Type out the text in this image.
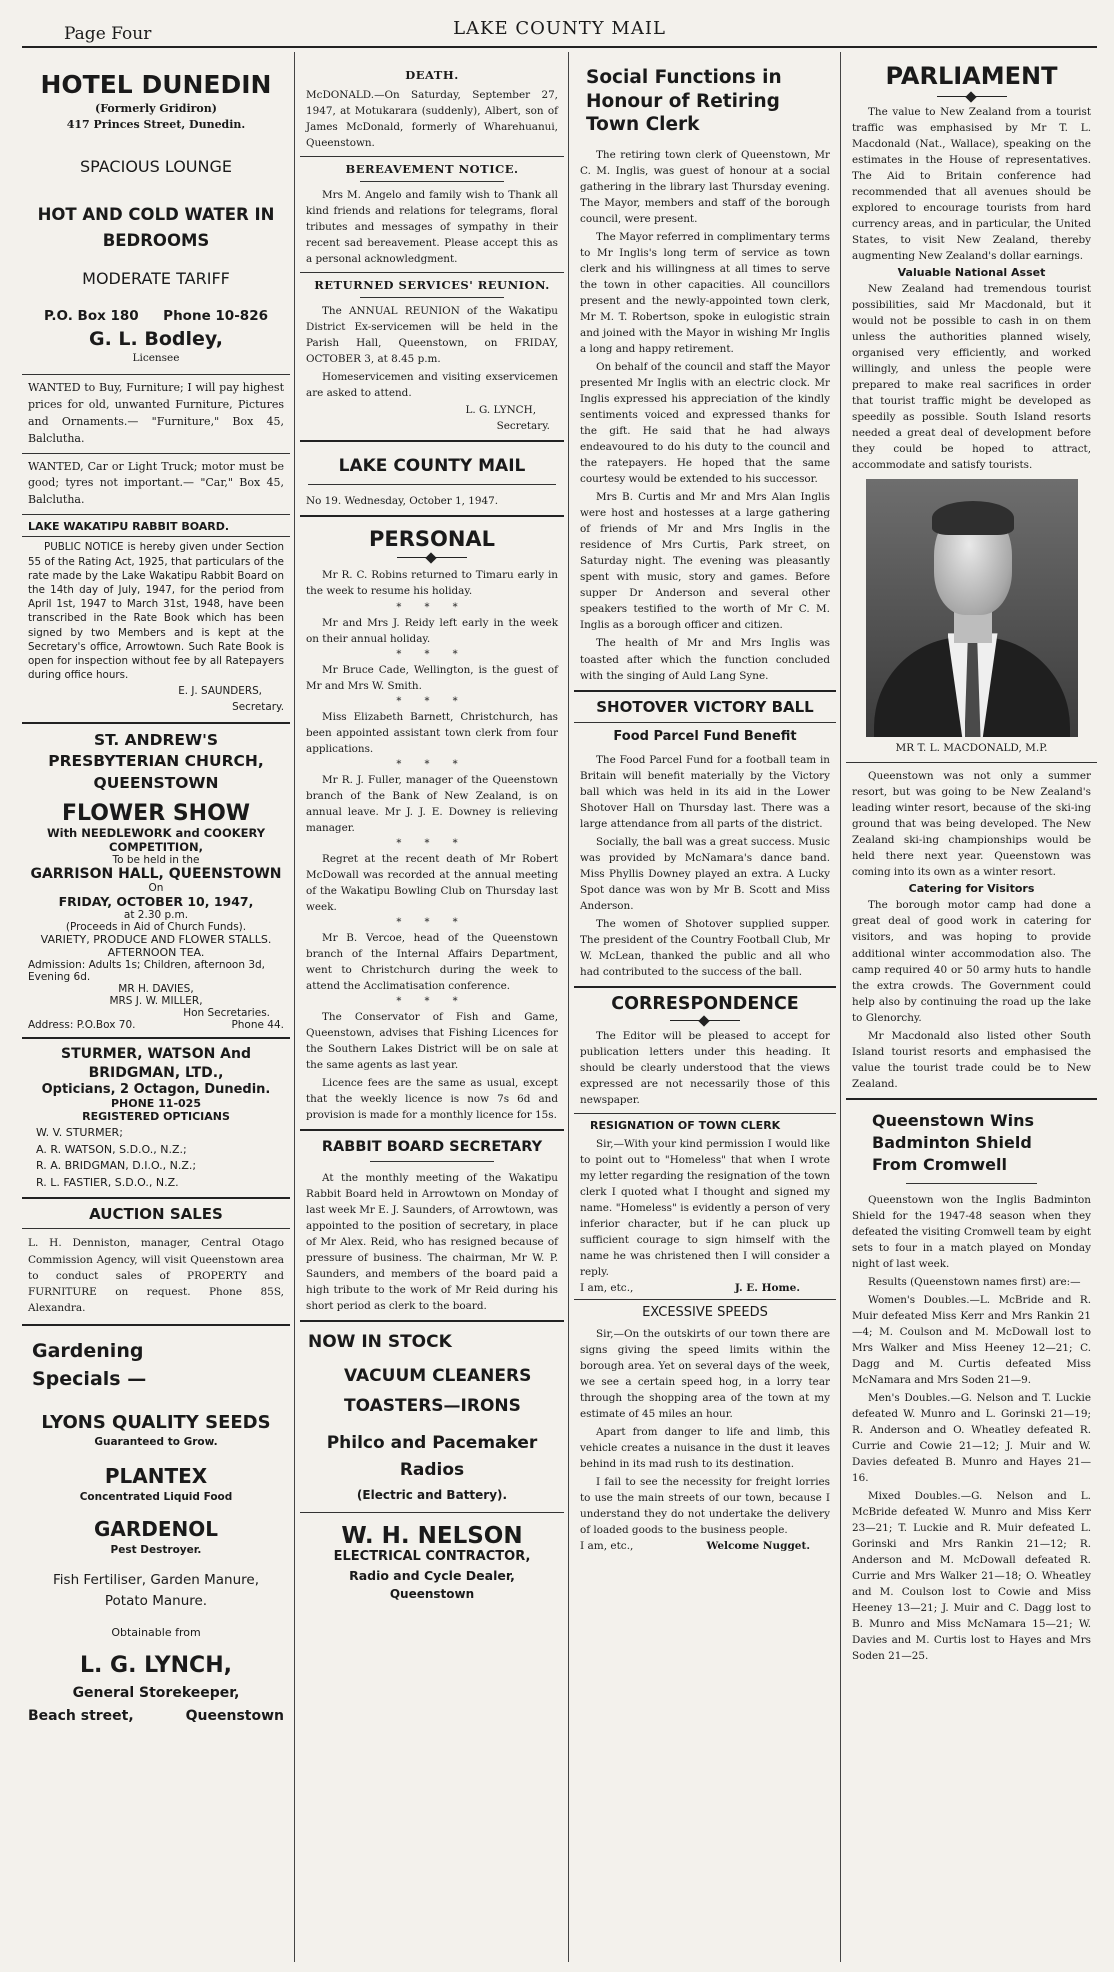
Page Four	LAKE COUNTY MAIL
HOTEL DUNEDIN
(Formerly Gridiron)
417 Princes Street, Dunedin.
SPACIOUS LOUNGE
HOT AND COLD WATER IN BEDROOMS
MODERATE TARIFF
P.O. Box 180 Phone 10-826
G. L. Bodley,
Licensee

WANTED to Buy, Furniture; I will pay highest prices for old, unwanted Furniture, Pictures and Ornaments.— "Furniture," Box 45, Balclutha.

WANTED, Car or Light Truck; motor must be good; tyres not important.— "Car," Box 45, Balclutha.

LAKE WAKATIPU RABBIT BOARD.

PUBLIC NOTICE is hereby given under Section 55 of the Rating Act, 1925, that particulars of the rate made by the Lake Wakatipu Rabbit Board on the 14th day of July, 1947, for the period from April 1st, 1947 to March 31st, 1948, have been transcribed in the Rate Book which has been signed by two Members and is kept at the Secretary's office, Arrowtown. Such Rate Book is open for inspection without fee by all Ratepayers during office hours.

E. J. SAUNDERS,
Secretary.
ST. ANDREW'S PRESBYTERIAN CHURCH, QUEENSTOWN
FLOWER SHOW
With NEEDLEWORK and COOKERY COMPETITION,
To be held in the
GARRISON HALL, QUEENSTOWN
On
FRIDAY, OCTOBER 10, 1947,
at 2.30 p.m.
(Proceeds in Aid of Church Funds).
VARIETY, PRODUCE AND FLOWER STALLS.
AFTERNOON TEA.
Admission: Adults 1s; Children, afternoon 3d, Evening 6d.
MR H. DAVIES,
MRS J. W. MILLER,
Hon Secretaries.
Address: P.O.Box 70.	Phone 44.
STURMER, WATSON And BRIDGMAN, LTD.,
Opticians, 2 Octagon, Dunedin.
PHONE 11-025
REGISTERED OPTICIANS
W. V. STURMER;
A. R. WATSON, S.D.O., N.Z.;
R. A. BRIDGMAN, D.I.O., N.Z.;
R. L. FASTIER, S.D.O., N.Z.
AUCTION SALES

L. H. Denniston, manager, Central Otago Commission Agency, will visit Queenstown area to conduct sales of PROPERTY and FURNITURE on request. Phone 85S, Alexandra.

Gardening
Specials —
LYONS QUALITY SEEDS
Guaranteed to Grow.
PLANTEX
Concentrated Liquid Food
GARDENOL
Pest Destroyer.
Fish Fertiliser, Garden Manure, Potato Manure.
Obtainable from
L. G. LYNCH,
General Storekeeper,
Beach street,	Queenstown
DEATH.

McDONALD.—On Saturday, September 27, 1947, at Motukarara (suddenly), Albert, son of James McDonald, formerly of Wharehuanui, Queenstown.

BEREAVEMENT NOTICE.

Mrs M. Angelo and family wish to Thank all kind friends and relations for telegrams, floral tributes and messages of sympathy in their recent sad bereavement. Please accept this as a personal acknowledgment.

RETURNED SERVICES' REUNION.

The ANNUAL REUNION of the Wakatipu District Ex-servicemen will be held in the Parish Hall, Queenstown, on FRIDAY, OCTOBER 3, at 8.45 p.m.

Homeservicemen and visiting exservicemen are asked to attend.

L. G. LYNCH,
Secretary.
LAKE COUNTY MAIL

No 19. Wednesday, October 1, 1947.

PERSONAL

Mr R. C. Robins returned to Timaru early in the week to resume his holiday.

* * *

Mr and Mrs J. Reidy left early in the week on their annual holiday.

* * *

Mr Bruce Cade, Wellington, is the guest of Mr and Mrs W. Smith.

* * *

Miss Elizabeth Barnett, Christchurch, has been appointed assistant town clerk from four applications.

* * *

Mr R. J. Fuller, manager of the Queenstown branch of the Bank of New Zealand, is on annual leave. Mr J. J. E. Downey is relieving manager.

* * *

Regret at the recent death of Mr Robert McDowall was recorded at the annual meeting of the Wakatipu Bowling Club on Thursday last week.

* * *

Mr B. Vercoe, head of the Queenstown branch of the Internal Affairs Department, went to Christchurch during the week to attend the Acclimatisation conference.

* * *

The Conservator of Fish and Game, Queenstown, advises that Fishing Licences for the Southern Lakes District will be on sale at the same agents as last year.

Licence fees are the same as usual, except that the weekly licence is now 7s 6d and provision is made for a monthly licence for 15s.

RABBIT BOARD SECRETARY

At the monthly meeting of the Wakatipu Rabbit Board held in Arrowtown on Monday of last week Mr E. J. Saunders, of Arrowtown, was appointed to the position of secretary, in place of Mr Alex. Reid, who has resigned because of pressure of business. The chairman, Mr W. P. Saunders, and members of the board paid a high tribute to the work of Mr Reid during his short period as clerk to the board.

NOW IN STOCK
VACUUM CLEANERS
TOASTERS—IRONS
Philco and Pacemaker Radios
(Electric and Battery).
W. H. NELSON
ELECTRICAL CONTRACTOR,
Radio and Cycle Dealer,
Queenstown
Social Functions in Honour of Retiring Town Clerk

The retiring town clerk of Queenstown, Mr C. M. Inglis, was guest of honour at a social gathering in the library last Thursday evening. The Mayor, members and staff of the borough council, were present.

The Mayor referred in complimentary terms to Mr Inglis's long term of service as town clerk and his willingness at all times to serve the town in other capacities. All councillors present and the newly-appointed town clerk, Mr M. T. Robertson, spoke in eulogistic strain and joined with the Mayor in wishing Mr Inglis a long and happy retirement.

On behalf of the council and staff the Mayor presented Mr Inglis with an electric clock. Mr Inglis expressed his appreciation of the kindly sentiments voiced and expressed thanks for the gift. He said that he had always endeavoured to do his duty to the council and the ratepayers. He hoped that the same courtesy would be extended to his successor.

Mrs B. Curtis and Mr and Mrs Alan Inglis were host and hostesses at a large gathering of friends of Mr and Mrs Inglis in the residence of Mrs Curtis, Park street, on Saturday night. The evening was pleasantly spent with music, story and games. Before supper Dr Anderson and several other speakers testified to the worth of Mr C. M. Inglis as a borough officer and citizen.

The health of Mr and Mrs Inglis was toasted after which the function concluded with the singing of Auld Lang Syne.

SHOTOVER VICTORY BALL
Food Parcel Fund Benefit

The Food Parcel Fund for a football team in Britain will benefit materially by the Victory ball which was held in its aid in the Lower Shotover Hall on Thursday last. There was a large attendance from all parts of the district.

Socially, the ball was a great success. Music was provided by McNamara's dance band. Miss Phyllis Downey played an extra. A Lucky Spot dance was won by Mr B. Scott and Miss Anderson.

The women of Shotover supplied supper. The president of the Country Football Club, Mr W. McLean, thanked the public and all who had contributed to the success of the ball.

CORRESPONDENCE

The Editor will be pleased to accept for publication letters under this heading. It should be clearly understood that the views expressed are not necessarily those of this newspaper.

RESIGNATION OF TOWN CLERK

Sir,—With your kind permission I would like to point out to "Homeless" that when I wrote my letter regarding the resignation of the town clerk I quoted what I thought and signed my name. "Homeless" is evidently a person of very inferior character, but if he can pluck up sufficient courage to sign himself with the name he was christened then I will consider a reply.

I am, etc.,	J. E. Home.
EXCESSIVE SPEEDS

Sir,—On the outskirts of our town there are signs giving the speed limits within the borough area. Yet on several days of the week, we see a certain speed hog, in a lorry tear through the shopping area of the town at my estimate of 45 miles an hour.

Apart from danger to life and limb, this vehicle creates a nuisance in the dust it leaves behind in its mad rush to its destination.

I fail to see the necessity for freight lorries to use the main streets of our town, because I understand they do not undertake the delivery of loaded goods to the business people.

I am, etc.,	Welcome Nugget.
PARLIAMENT

The value to New Zealand from a tourist traffic was emphasised by Mr T. L. Macdonald (Nat., Wallace), speaking on the estimates in the House of representatives. The Aid to Britain conference had recommended that all avenues should be explored to encourage tourists from hard currency areas, and in particular, the United States, to visit New Zealand, thereby augmenting New Zealand's dollar earnings.

Valuable National Asset

New Zealand had tremendous tourist possibilities, said Mr Macdonald, but it would not be possible to cash in on them unless the authorities planned wisely, organised very efficiently, and worked willingly, and unless the people were prepared to make real sacrifices in order that tourist traffic might be developed as speedily as possible. South Island resorts needed a great deal of development before they could be hoped to attract, accommodate and satisfy tourists.

MR T. L. MACDONALD, M.P.

Queenstown was not only a summer resort, but was going to be New Zealand's leading winter resort, because of the ski-ing ground that was being developed. The New Zealand ski-ing championships would be held there next year. Queenstown was coming into its own as a winter resort.

Catering for Visitors

The borough motor camp had done a great deal of good work in catering for visitors, and was hoping to provide additional winter accommodation also. The camp required 40 or 50 army huts to handle the extra crowds. The Government could help also by continuing the road up the lake to Glenorchy.

Mr Macdonald also listed other South Island tourist resorts and emphasised the value the tourist trade could be to New Zealand.

Queenstown Wins Badminton Shield From Cromwell

Queenstown won the Inglis Badminton Shield for the 1947-48 season when they defeated the visiting Cromwell team by eight sets to four in a match played on Monday night of last week.

Results (Queenstown names first) are:—

Women's Doubles.—L. McBride and R. Muir defeated Miss Kerr and Mrs Rankin 21—4; M. Coulson and M. McDowall lost to Mrs Walker and Miss Heeney 12—21; C. Dagg and M. Curtis defeated Miss McNamara and Mrs Soden 21—9.

Men's Doubles.—G. Nelson and T. Luckie defeated W. Munro and L. Gorinski 21—19; R. Anderson and O. Wheatley defeated R. Currie and Cowie 21—12; J. Muir and W. Davies defeated B. Munro and Hayes 21—16.

Mixed Doubles.—G. Nelson and L. McBride defeated W. Munro and Miss Kerr 23—21; T. Luckie and R. Muir defeated L. Gorinski and Mrs Rankin 21—12; R. Anderson and M. McDowall defeated R. Currie and Mrs Walker 21—18; O. Wheatley and M. Coulson lost to Cowie and Miss Heeney 13—21; J. Muir and C. Dagg lost to B. Munro and Miss McNamara 15—21; W. Davies and M. Curtis lost to Hayes and Mrs Soden 21—25.
